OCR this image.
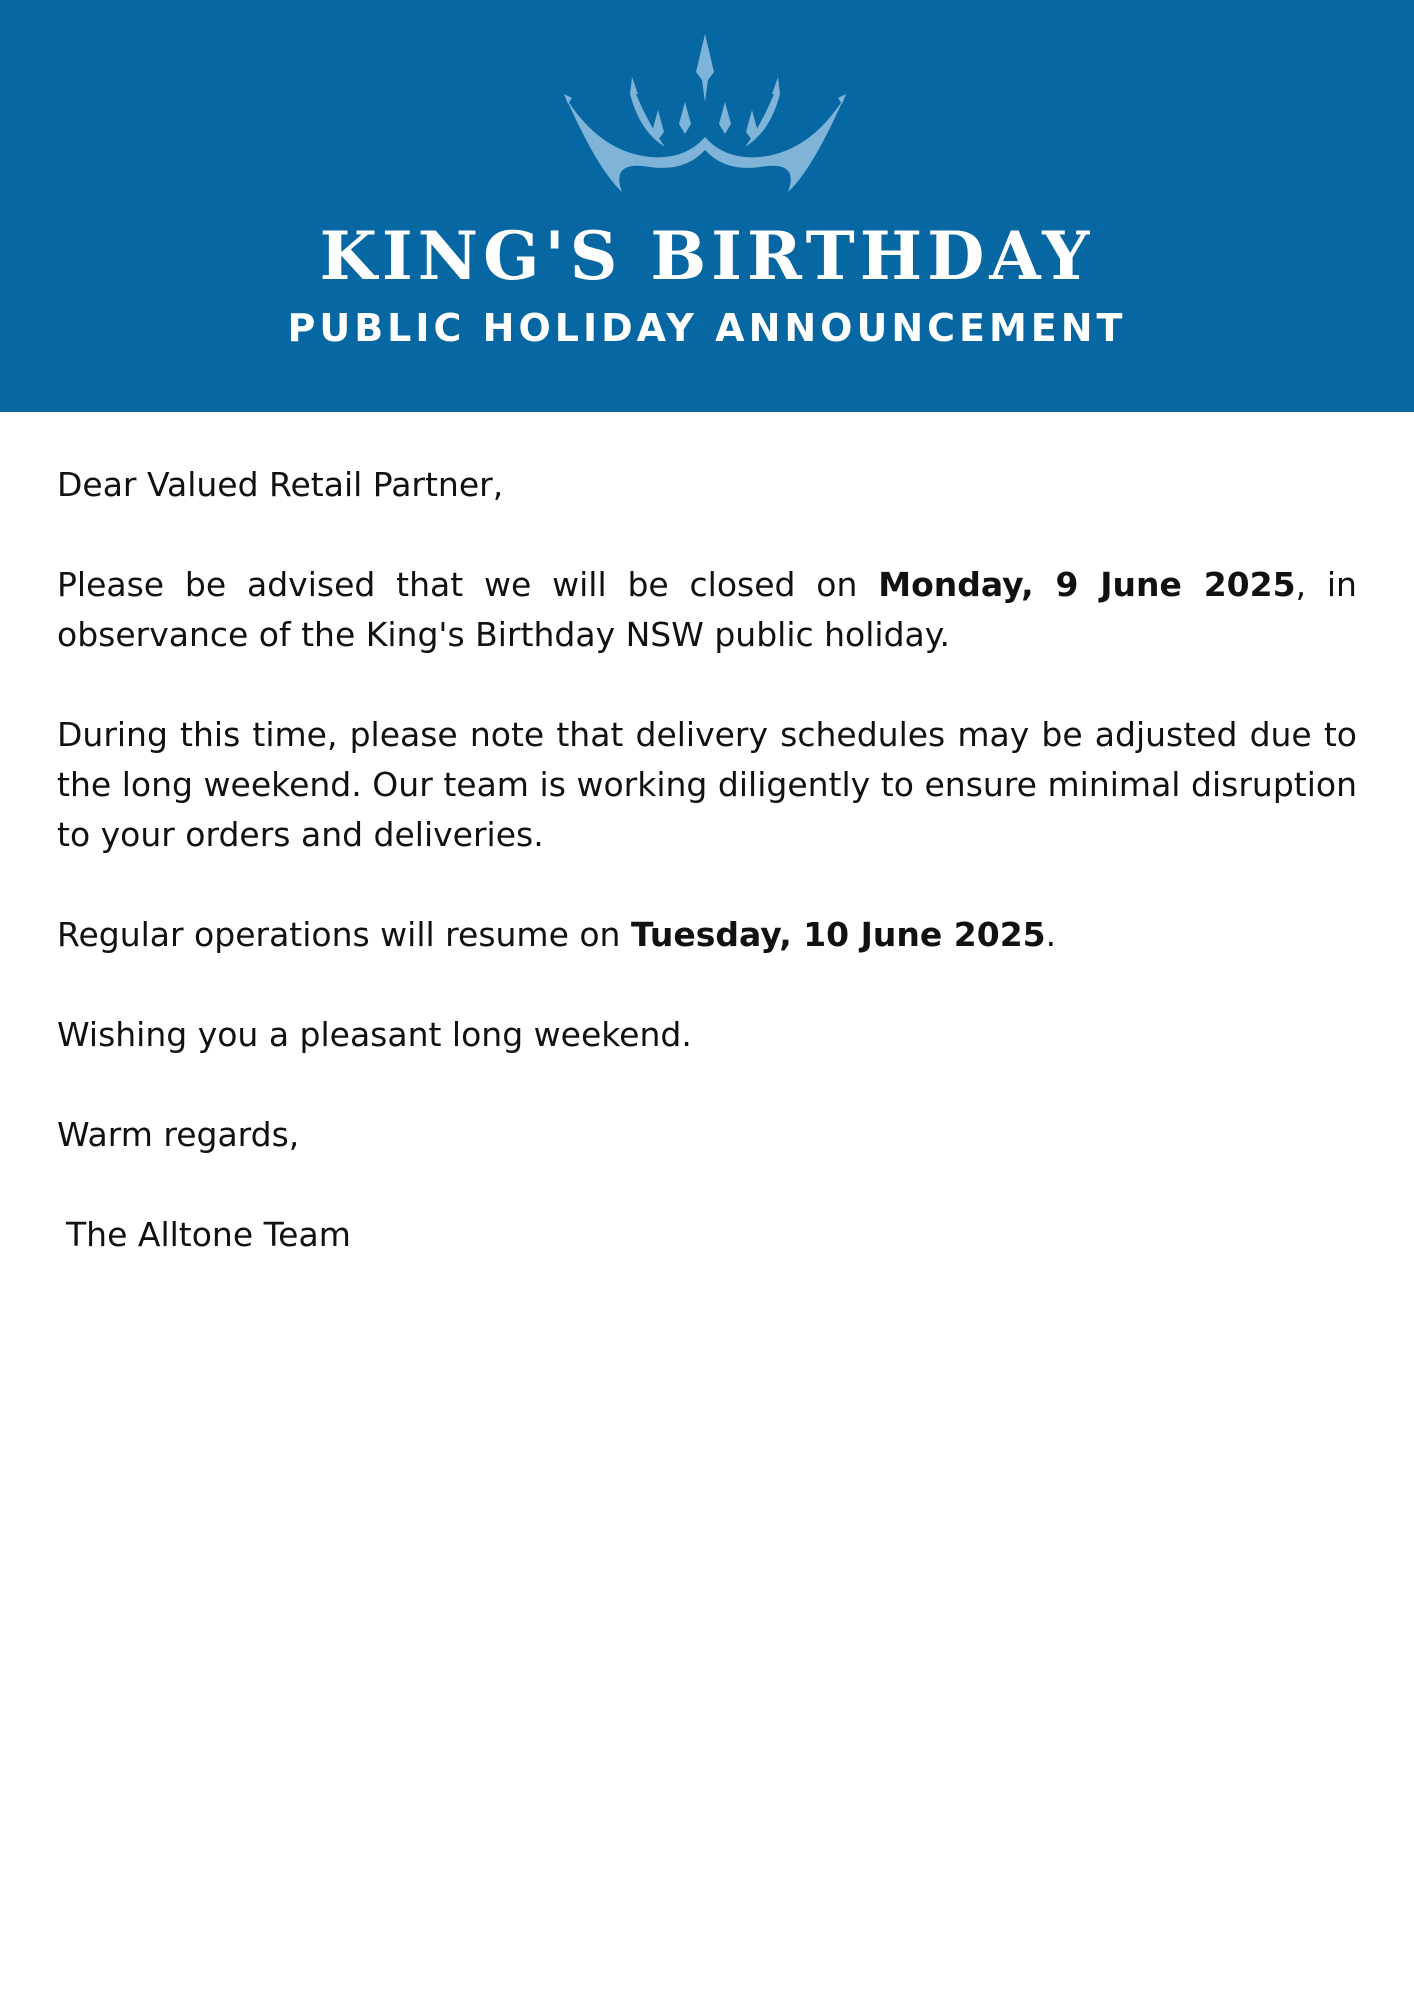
KING'S BIRTHDAY
PUBLIC HOLIDAY ANNOUNCEMENT

Dear Valued Retail Partner,

Please be advised that we will be closed on Monday, 9 June 2025, in observance of the King's Birthday NSW public holiday.

During this time, please note that delivery schedules may be adjusted due to the long weekend. Our team is working diligently to ensure minimal disruption to your orders and deliveries.

Regular operations will resume on Tuesday, 10 June 2025.

Wishing you a pleasant long weekend.

Warm regards,

The Alltone Team
